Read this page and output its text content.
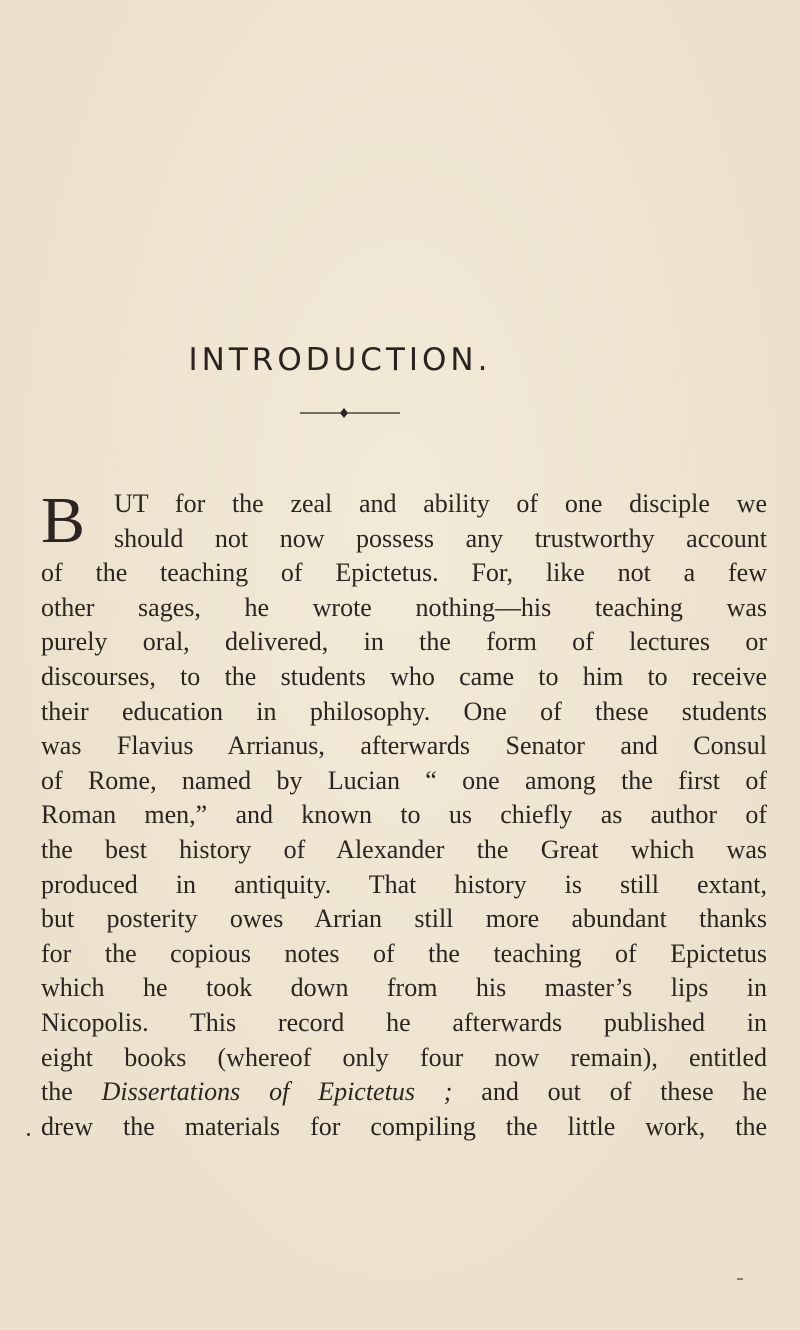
INTRODUCTION.
B UT for the zeal and ability of one disciple we
should not now possess any trustworthy account
of the teaching of Epictetus. For, like not a few
other sages, he wrote nothing—his teaching was
purely oral, delivered, in the form of lectures or
discourses, to the students who came to him to receive
their education in philosophy. One of these students
was Flavius Arrianus, afterwards Senator and Consul
of Rome, named by Lucian “ one among the first of
Roman men,” and known to us chiefly as author of
the best history of Alexander the Great which was
produced in antiquity. That history is still extant,
but posterity owes Arrian still more abundant thanks
for the copious notes of the teaching of Epictetus
which he took down from his master’s lips in
Nicopolis. This record he afterwards published in
eight books (whereof only four now remain), entitled
the Dissertations of Epictetus ; and out of these he
drew the materials for compiling the little work, the
